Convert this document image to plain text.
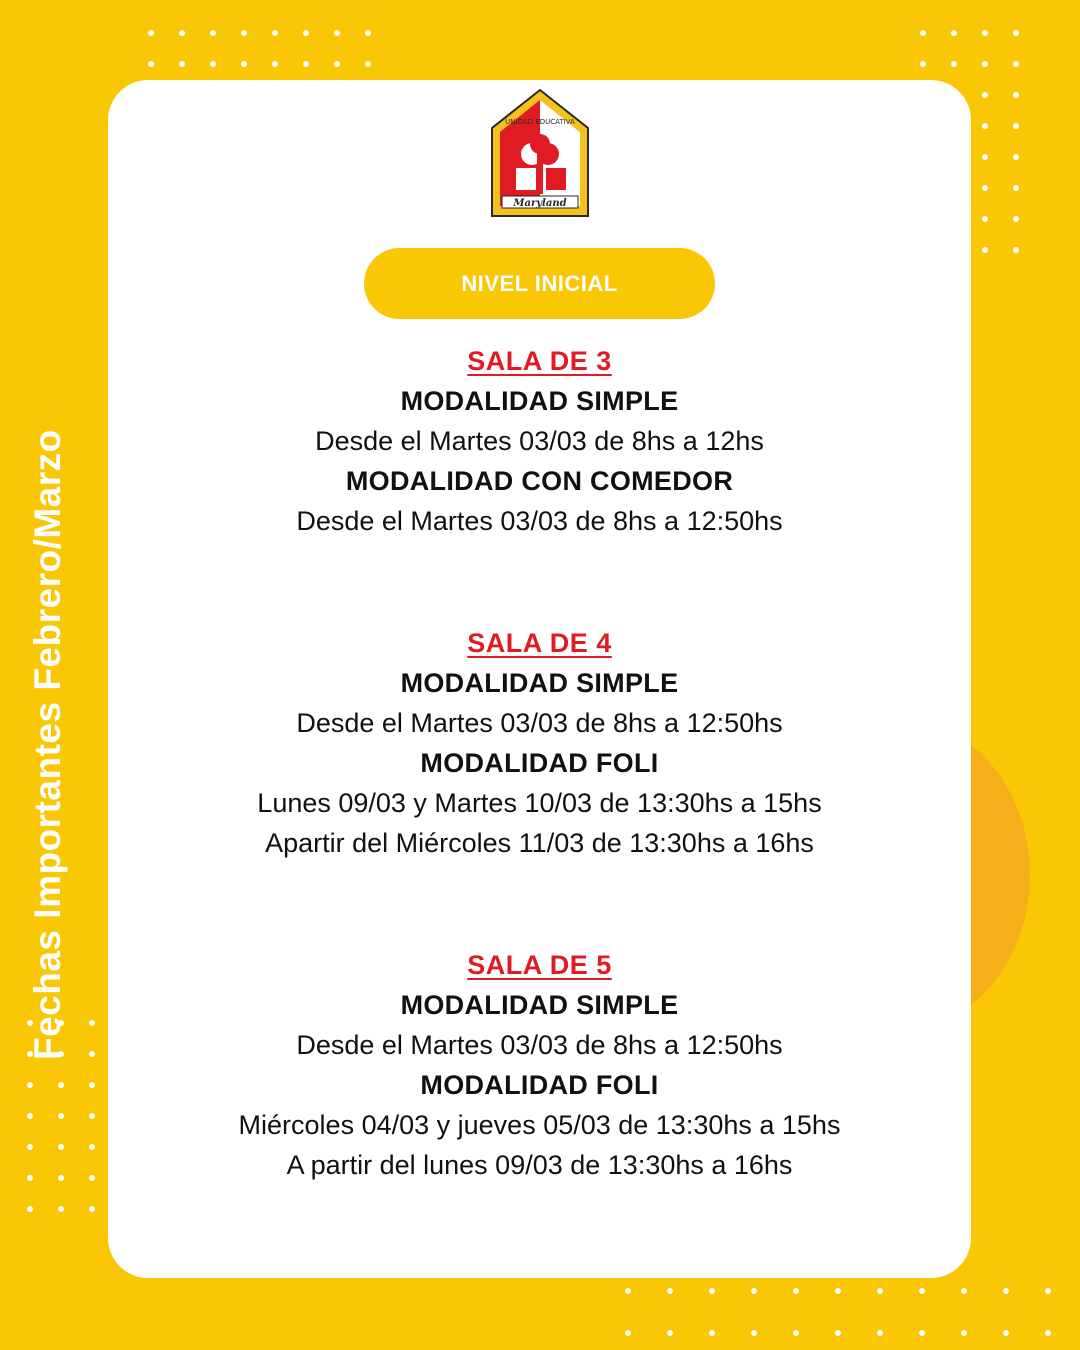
Fechas Importantes Febrero/Marzo
UNIDAD EDUCATIVA
Maryland
NIVEL INICIAL
SALA DE 3
MODALIDAD SIMPLE
Desde el Martes 03/03 de 8hs a 12hs
MODALIDAD CON COMEDOR
Desde el Martes 03/03 de 8hs a 12:50hs
SALA DE 4
MODALIDAD SIMPLE
Desde el Martes 03/03 de 8hs a 12:50hs
MODALIDAD FOLI
Lunes 09/03 y Martes 10/03 de 13:30hs a 15hs
Apartir del Miércoles 11/03 de 13:30hs a 16hs
SALA DE 5
MODALIDAD SIMPLE
Desde el Martes 03/03 de 8hs a 12:50hs
MODALIDAD FOLI
Miércoles 04/03 y jueves 05/03 de 13:30hs a 15hs
A partir del lunes 09/03 de 13:30hs a 16hs
